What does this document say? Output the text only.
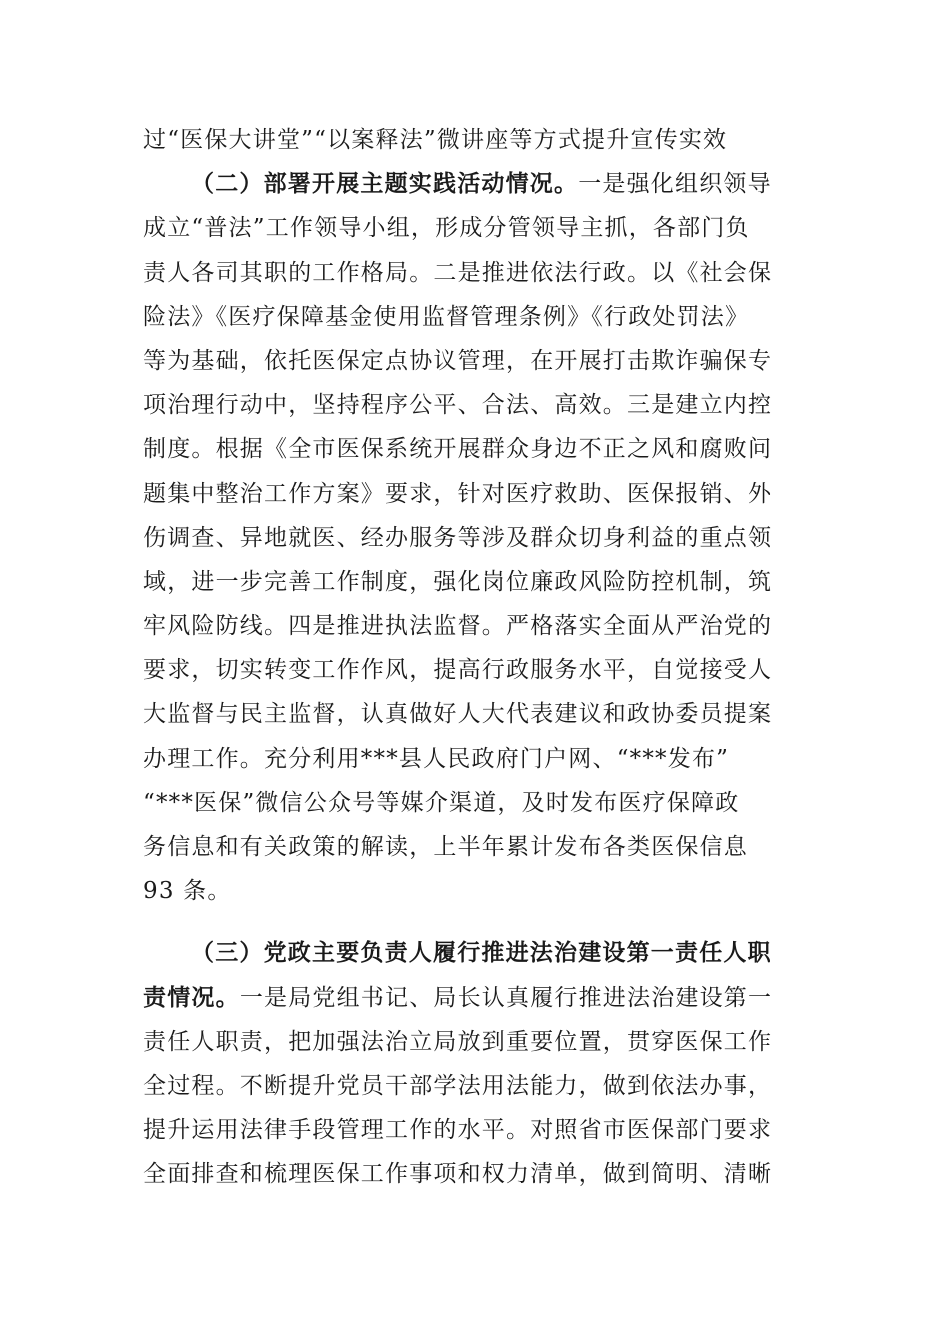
过“医保大讲堂”“以案释法”微讲座等方式提升宣传实效
（二）部署开展主题实践活动情况。一是强化组织领导
成立“普法”工作领导小组，形成分管领导主抓，各部门负
责人各司其职的工作格局。二是推进依法行政。以《社会保
险法》《医疗保障基金使用监督管理条例》《行政处罚法》
等为基础，依托医保定点协议管理，在开展打击欺诈骗保专
项治理行动中，坚持程序公平、合法、高效。三是建立内控
制度。根据《全市医保系统开展群众身边不正之风和腐败问
题集中整治工作方案》要求，针对医疗救助、医保报销、外
伤调查、异地就医、经办服务等涉及群众切身利益的重点领
域，进一步完善工作制度，强化岗位廉政风险防控机制，筑
牢风险防线。四是推进执法监督。严格落实全面从严治党的
要求，切实转变工作作风，提高行政服务水平，自觉接受人
大监督与民主监督，认真做好人大代表建议和政协委员提案
办理工作。充分利用***县人民政府门户网、“***发布”
“***医保”微信公众号等媒介渠道，及时发布医疗保障政
务信息和有关政策的解读，上半年累计发布各类医保信息
93 条。
（三）党政主要负责人履行推进法治建设第一责任人职
责情况。一是局党组书记、局长认真履行推进法治建设第一
责任人职责，把加强法治立局放到重要位置，贯穿医保工作
全过程。不断提升党员干部学法用法能力，做到依法办事，
提升运用法律手段管理工作的水平。对照省市医保部门要求
全面排查和梳理医保工作事项和权力清单，做到简明、清晰
